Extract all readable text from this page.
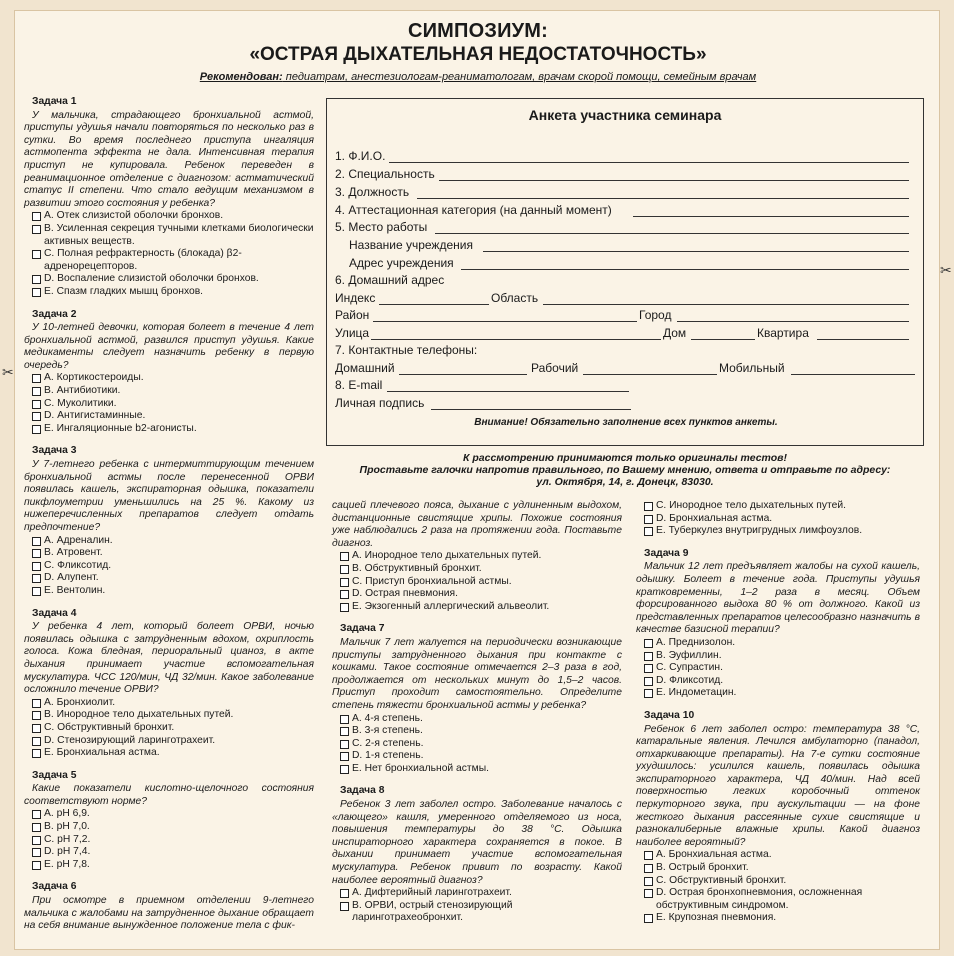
СИМПОЗИУМ:
«ОСТРАЯ ДЫХАТЕЛЬНАЯ НЕДОСТАТОЧНОСТЬ»
Рекомендован: педиатрам, анестезиологам-реаниматологам, врачам скорой помощи, семейным врачам
✂
✂
Задача 1
У мальчика, страдающего бронхиальной астмой, приступы удушья начали повторяться по несколько раз в сутки. Во время последнего приступа ингаляция астмопента эффекта не дала. Интенсивная терапия приступ не купировала. Ребенок переведен в реанимационное отделение с диагнозом: астматический статус II степени. Что стало ведущим механизмом в развитии этого состояния у ребенка?
A. Отек слизистой оболочки бронхов.
B. Усиленная секреция тучными клетками биологически активных веществ.
C. Полная рефрактерность (блокада) β2-адренорецепторов.
D. Воспаление слизистой оболочки бронхов.
E. Спазм гладких мышц бронхов.
Задача 2
У 10-летней девочки, которая болеет в течение 4 лет бронхиальной астмой, развился приступ удушья. Какие медикаменты следует назначить ребенку в первую очередь?
A. Кортикостероиды.
B. Антибиотики.
C. Муколитики.
D. Антигистаминные.
E. Ингаляционные b2-агонисты.
Задача 3
У 7-летнего ребенка с интермиттирующим течением бронхиальной астмы после перенесенной ОРВИ появилась кашель, экспираторная одышка, показатели пикфлоуметрии уменьшились на 25 %. Какому из нижеперечисленных препаратов следует отдать предпочтение?
A. Адреналин.
B. Атровент.
C. Фликсотид.
D. Алупент.
E. Вентолин.
Задача 4
У ребенка 4 лет, который болеет ОРВИ, ночью появилась одышка с затрудненным вдохом, охриплость голоса. Кожа бледная, периоральный цианоз, в акте дыхания принимает участие вспомогательная мускулатура. ЧСС 120/мин, ЧД 32/мин. Какое заболевание осложнило течение ОРВИ?
A. Бронхиолит.
B. Инородное тело дыхательных путей.
C. Обструктивный бронхит.
D. Стенозирующий ларинготрахеит.
E. Бронхиальная астма.
Задача 5
Какие показатели кислотно-щелочного состояния соответствуют норме?
A. pH 6,9.
B. pH 7,0.
C. pH 7,2.
D. pH 7,4.
E. pH 7,8.
Задача 6
При осмотре в приемном отделении 9-летнего мальчика с жалобами на затрудненное дыхание обращает на себя внимание вынужденное положение тела с фик-
Анкета участника семинара
1. Ф.И.О.
2. Специальность
3. Должность
4. Аттестационная категория (на данный момент)
5. Место работы
Название учреждения
Адрес учреждения
6. Домашний адрес
Индекс	Область
Район	Город
Улица	Дом	Квартира
7. Контактные телефоны:
Домашний	Рабочий	Мобильный
8. E-mail
Личная подпись
Внимание! Обязательно заполнение всех пунктов анкеты.
К рассмотрению принимаются только оригиналы тестов!
Проставьте галочки напротив правильного, по Вашему мнению, ответа и отправьте по адресу:
ул. Октября, 14, г. Донецк, 83030.
сацией плечевого пояса, дыхание с удлиненным выдохом, дистанционные свистящие хрипы. Похожие состояния уже наблюдались 2 раза на протяжении года. Поставьте диагноз.
A. Инородное тело дыхательных путей.
B. Обструктивный бронхит.
C. Приступ бронхиальной астмы.
D. Острая пневмония.
E. Экзогенный аллергический альвеолит.
Задача 7
Мальчик 7 лет жалуется на периодически возникающие приступы затрудненного дыхания при контакте с кошками. Такое состояние отмечается 2–3 раза в год, продолжается от нескольких минут до 1,5–2 часов. Приступ проходит самостоятельно. Определите степень тяжести бронхиальной астмы у ребенка?
A. 4-я степень.
B. 3-я степень.
C. 2-я степень.
D. 1-я степень.
E. Нет бронхиальной астмы.
Задача 8
Ребенок 3 лет заболел остро. Заболевание началось с «лающего» кашля, умеренного отделяемого из носа, повышения температуры до 38 °С. Одышка инспираторного характера сохраняется в покое. В дыхании принимает участие вспомогательная мускулатура. Ребенок привит по возрасту. Какой наиболее вероятный диагноз?
A. Дифтерийный ларинготрахеит.
B. ОРВИ, острый стенозирующий ларинготрахеобронхит.
C. Инородное тело дыхательных путей.
D. Бронхиальная астма.
E. Туберкулез внутригрудных лимфоузлов.
Задача 9
Мальчик 12 лет предъявляет жалобы на сухой кашель, одышку. Болеет в течение года. Приступы удушья кратковременны, 1–2 раза в месяц. Объем форсированного выдоха 80 % от должного. Какой из представленных препаратов целесообразно назначить в качестве базисной терапии?
A. Преднизолон.
B. Эуфиллин.
C. Супрастин.
D. Фликсотид.
E. Индометацин.
Задача 10
Ребенок 6 лет заболел остро: температура 38 °С, катаральные явления. Лечился амбулаторно (панадол, отхаркивающие препараты). На 7-е сутки состояние ухудшилось: усилился кашель, появилась одышка экспираторного характера, ЧД 40/мин. Над всей поверхностью легких коробочный оттенок перкуторного звука, при аускультации — на фоне жесткого дыхания рассеянные сухие свистящие и разнокалиберные влажные хрипы. Какой диагноз наиболее вероятный?
A. Бронхиальная астма.
B. Острый бронхит.
C. Обструктивный бронхит.
D. Острая бронхопневмония, осложненная обструктивным синдромом.
E. Крупозная пневмония.
